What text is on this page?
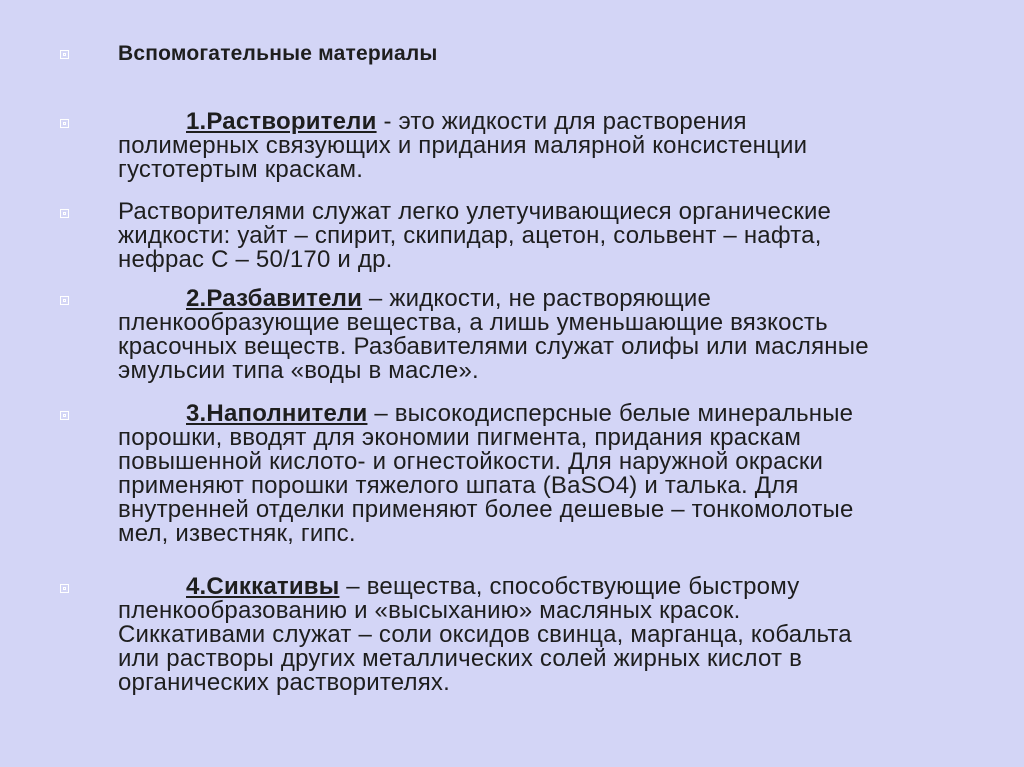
Вспомогательные материалы
1.Растворители - это жидкости для растворения
полимерных связующих и придания малярной консистенции
густотертым краскам.
Растворителями служат легко улетучивающиеся органические
жидкости: уайт – спирит, скипидар, ацетон, сольвент – нафта,
нефрас С – 50/170 и др.
2.Разбавители – жидкости, не растворяющие
пленкообразующие вещества, а лишь уменьшающие вязкость
красочных веществ. Разбавителями служат олифы или масляные
эмульсии типа «воды в масле».
3.Наполнители – высокодисперсные белые минеральные
порошки, вводят для экономии пигмента, придания краскам
повышенной кислото- и огнестойкости. Для наружной окраски
применяют порошки тяжелого шпата (BaSO4) и талька. Для
внутренней отделки применяют более дешевые – тонкомолотые
мел, известняк, гипс.
4.Сиккативы – вещества, способствующие быстрому
пленкообразованию и «высыханию» масляных красок.
Сиккативами служат – соли оксидов свинца, марганца, кобальта
или растворы других металлических солей жирных кислот в
органических растворителях.
